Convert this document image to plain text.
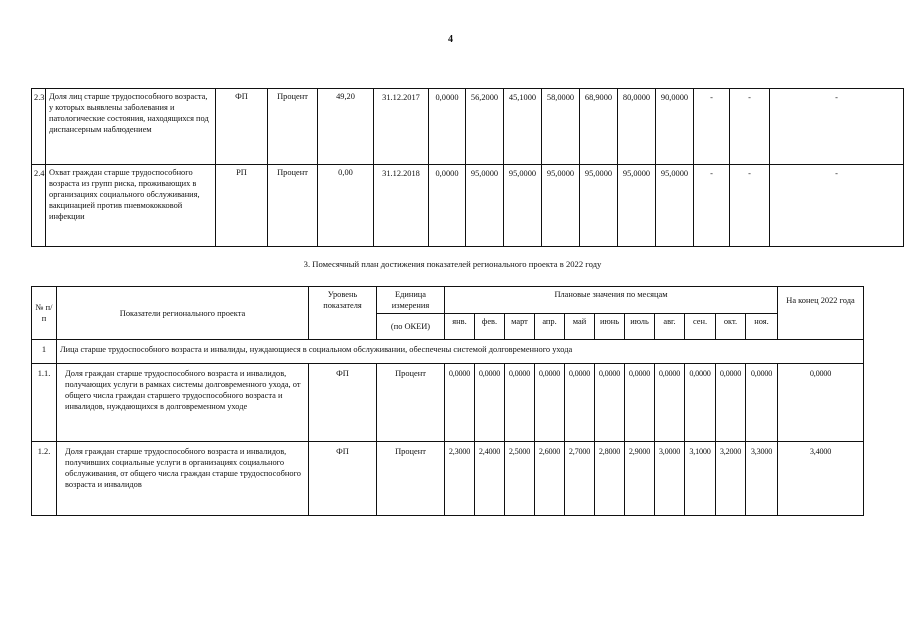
4
2.3.	Доля лиц старше трудоспособного возраста, у которых выявлены заболевания и патологические состояния, находящихся под диспансерным наблюдением	ФП	Процент	49,20	31.12.2017	0,0000	56,2000	45,1000	58,0000	68,9000	80,0000	90,0000	-	-	-
2.4.	Охват граждан старше трудоспособного возраста из групп риска, проживающих в организациях социального обслуживания, вакцинацией против пневмококковой инфекции	РП	Процент	0,00	31.12.2018	0,0000	95,0000	95,0000	95,0000	95,0000	95,0000	95,0000	-	-	-
3. Помесячный план достижения показателей регионального проекта в 2022 году
№ п/п	Показатели регионального проекта	Уровень показателя	Единица измерения	Плановые значения по месяцам											На конец 2022 года
			(по ОКЕИ)	янв.	фев.	март	апр.	май	июнь	июль	авг.	сен.	окт.	ноя.	
1	Лица старше трудоспособного возраста и инвалиды, нуждающиеся в социальном обслуживании, обеспечены системой долговременного ухода														
1.1.	Доля граждан старше трудоспособного возраста и инвалидов, получающих услуги в рамках системы долговременного ухода, от общего числа граждан старшего трудоспособного возраста и инвалидов, нуждающихся в долговременном уходе	ФП	Процент	0,0000	0,0000	0,0000	0,0000	0,0000	0,0000	0,0000	0,0000	0,0000	0,0000	0,0000	0,0000
1.2.	Доля граждан старше трудоспособного возраста и инвалидов, получивших социальные услуги в организациях социального обслуживания, от общего числа граждан старше трудоспособного возраста и инвалидов	ФП	Процент	2,3000	2,4000	2,5000	2,6000	2,7000	2,8000	2,9000	3,0000	3,1000	3,2000	3,3000	3,4000
